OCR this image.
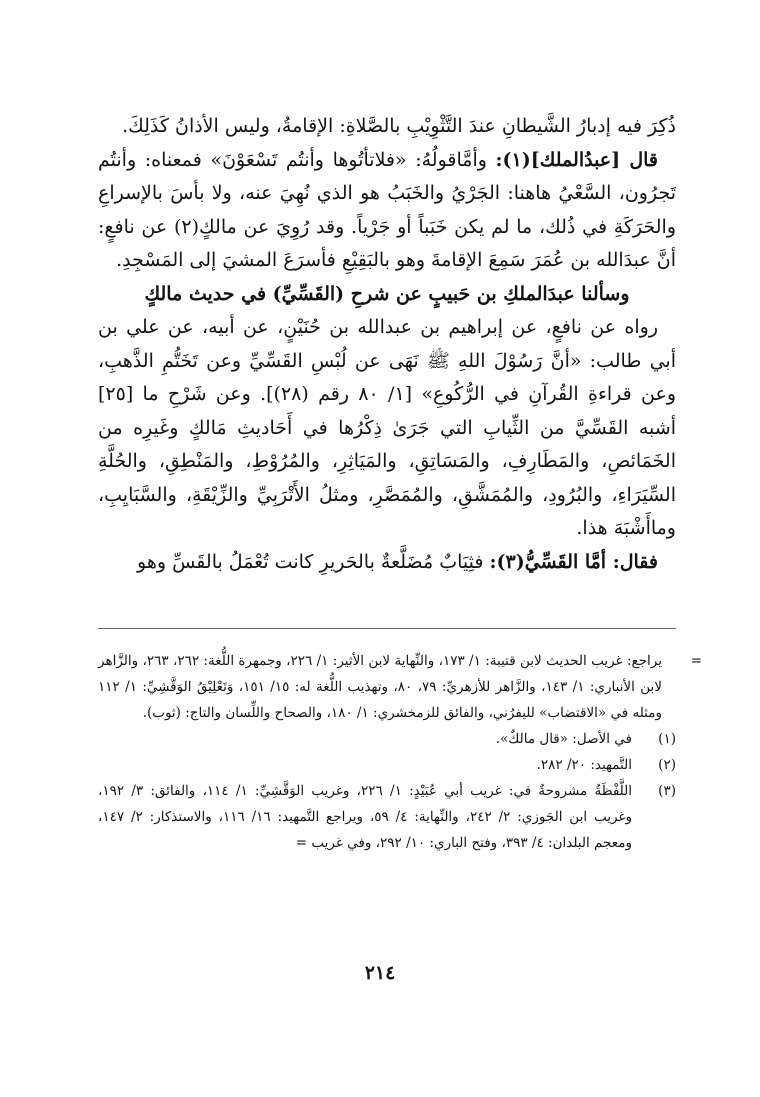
ذُكِرَ فيه إدبارُ الشَّيطانِ عندَ التَّثْوِيْبِ بالصَّلاةِ: الإقامةُ، وليس الأذانُ كَذَلِكَ.

قال [عبدُالملك](١): وأمَّاقولُهُ: «فلاتأتُوها وأنتُم تَسْعَوْنَ» فمعناه: وأنتُم تَجرُون، السَّعْيُ هاهنا: الجَرْيُ والخَبَبُ هو الذي نُهِيَ عنه، ولا بأسَ بالإسراعِ والحَرَكَةِ في ذُلك، ما لم يكن خَبَباً أو جَرْياً. وقد رُوِيَ عن مالكٍ(٢) عن نافعٍ: أنَّ عبدَالله بن عُمَرَ سَمِعَ الإقامةَ وهو بالبَقِيْعِ فأسرَعَ المشيَ إلى المَسْجِدِ.

وسألنا عبدَالملكِ بن حَبيبٍ عن شرحِ (القَسِّيِّ) في حديث مالكٍ

رواه عن نافعٍ، عن إبراهيم بن عبدالله بن حُنَيْنٍ، عن أبيه، عن علي بن أبي طالب: «أنَّ رَسُوْلَ اللهِ ﷺ نَهَى عن لُبْسِ القَسِّيِّ وعن تَخَتُّمِ الذَّهبِ، وعن قراءةِ القُرآنِ في الرُّكُوعِ» [١/ ٨٠ رقم (٢٨)]. وعن شَرْحِ ما [٢٥] أشبه القَسِّيَّ من الثِّيابِ التي جَرَىٰ ذِكْرُها في أَحَاديثِ مَالكٍ وغَيرِه من الخَمَائصِ، والمَطَارِفِ، والمَسَاتِقِ، والمَيَاثِرِ، والمُرُوْطِ، والمَنْطِقِ، والحُلَّةِ السِّيَرَاءِ، والبُرُودِ، والمُمَشَّقِ، والمُمَصَّرِ، ومثلُ الأَتْرَبِيِّ والزِّيْقَةِ، والسَّبَايِبِ، وماأَشْبَهَ هذا.

فقال: أمَّا القَسِّيُّ(٣): فثِيَابٌ مُضَلَّعةٌ بالحَريرِ كانت تُعْمَلُ بالقَسِّ وهو

=
يراجع: غريب الحديث لابن قتيبة: ١/ ١٧٣، والنِّهاية لابن الأثير: ١/ ٢٢٦، وجمهرة اللُّغة: ٢٦٢، ٢٦٣، والزَّاهر لابن الأنباري: ١/ ١٤٣، والزَّاهر للأزهريِّ: ٧٩، ٨٠، وتهذيب اللُّغة له: ١٥/ ١٥١، وَتَعْلِيْقُ الوَقَّشِيِّ: ١/ ١١٢ ومثله في «الاقتضاب» لليفرُني، والفائق للزمخشري: ١/ ١٨٠، والصحاح واللِّسان والتاج: (ثوب).

(١)
في الأصل: «قال مالكٌ».
(٢)
التَّمهيد: ٢٠/ ٢٨٢.
(٣)
اللَّفْظَةُ مشروحةٌ في: غريب أبي عُبَيْدٍ: ١/ ٢٢٦، وغريب الوَقَّشِيِّ: ١/ ١١٤، والفائق: ٣/ ١٩٢، وغريب ابن الجَوزي: ٢/ ٢٤٢، والنِّهاية: ٤/ ٥٩، ويراجع التَّمهيد: ١٦/ ١١٦، والاستذكار: ٢/ ١٤٧، ومعجم البلدان: ٤/ ٣٩٣، وفتح الباري: ١٠/ ٢٩٢، وفي غريب =
٢١٤
